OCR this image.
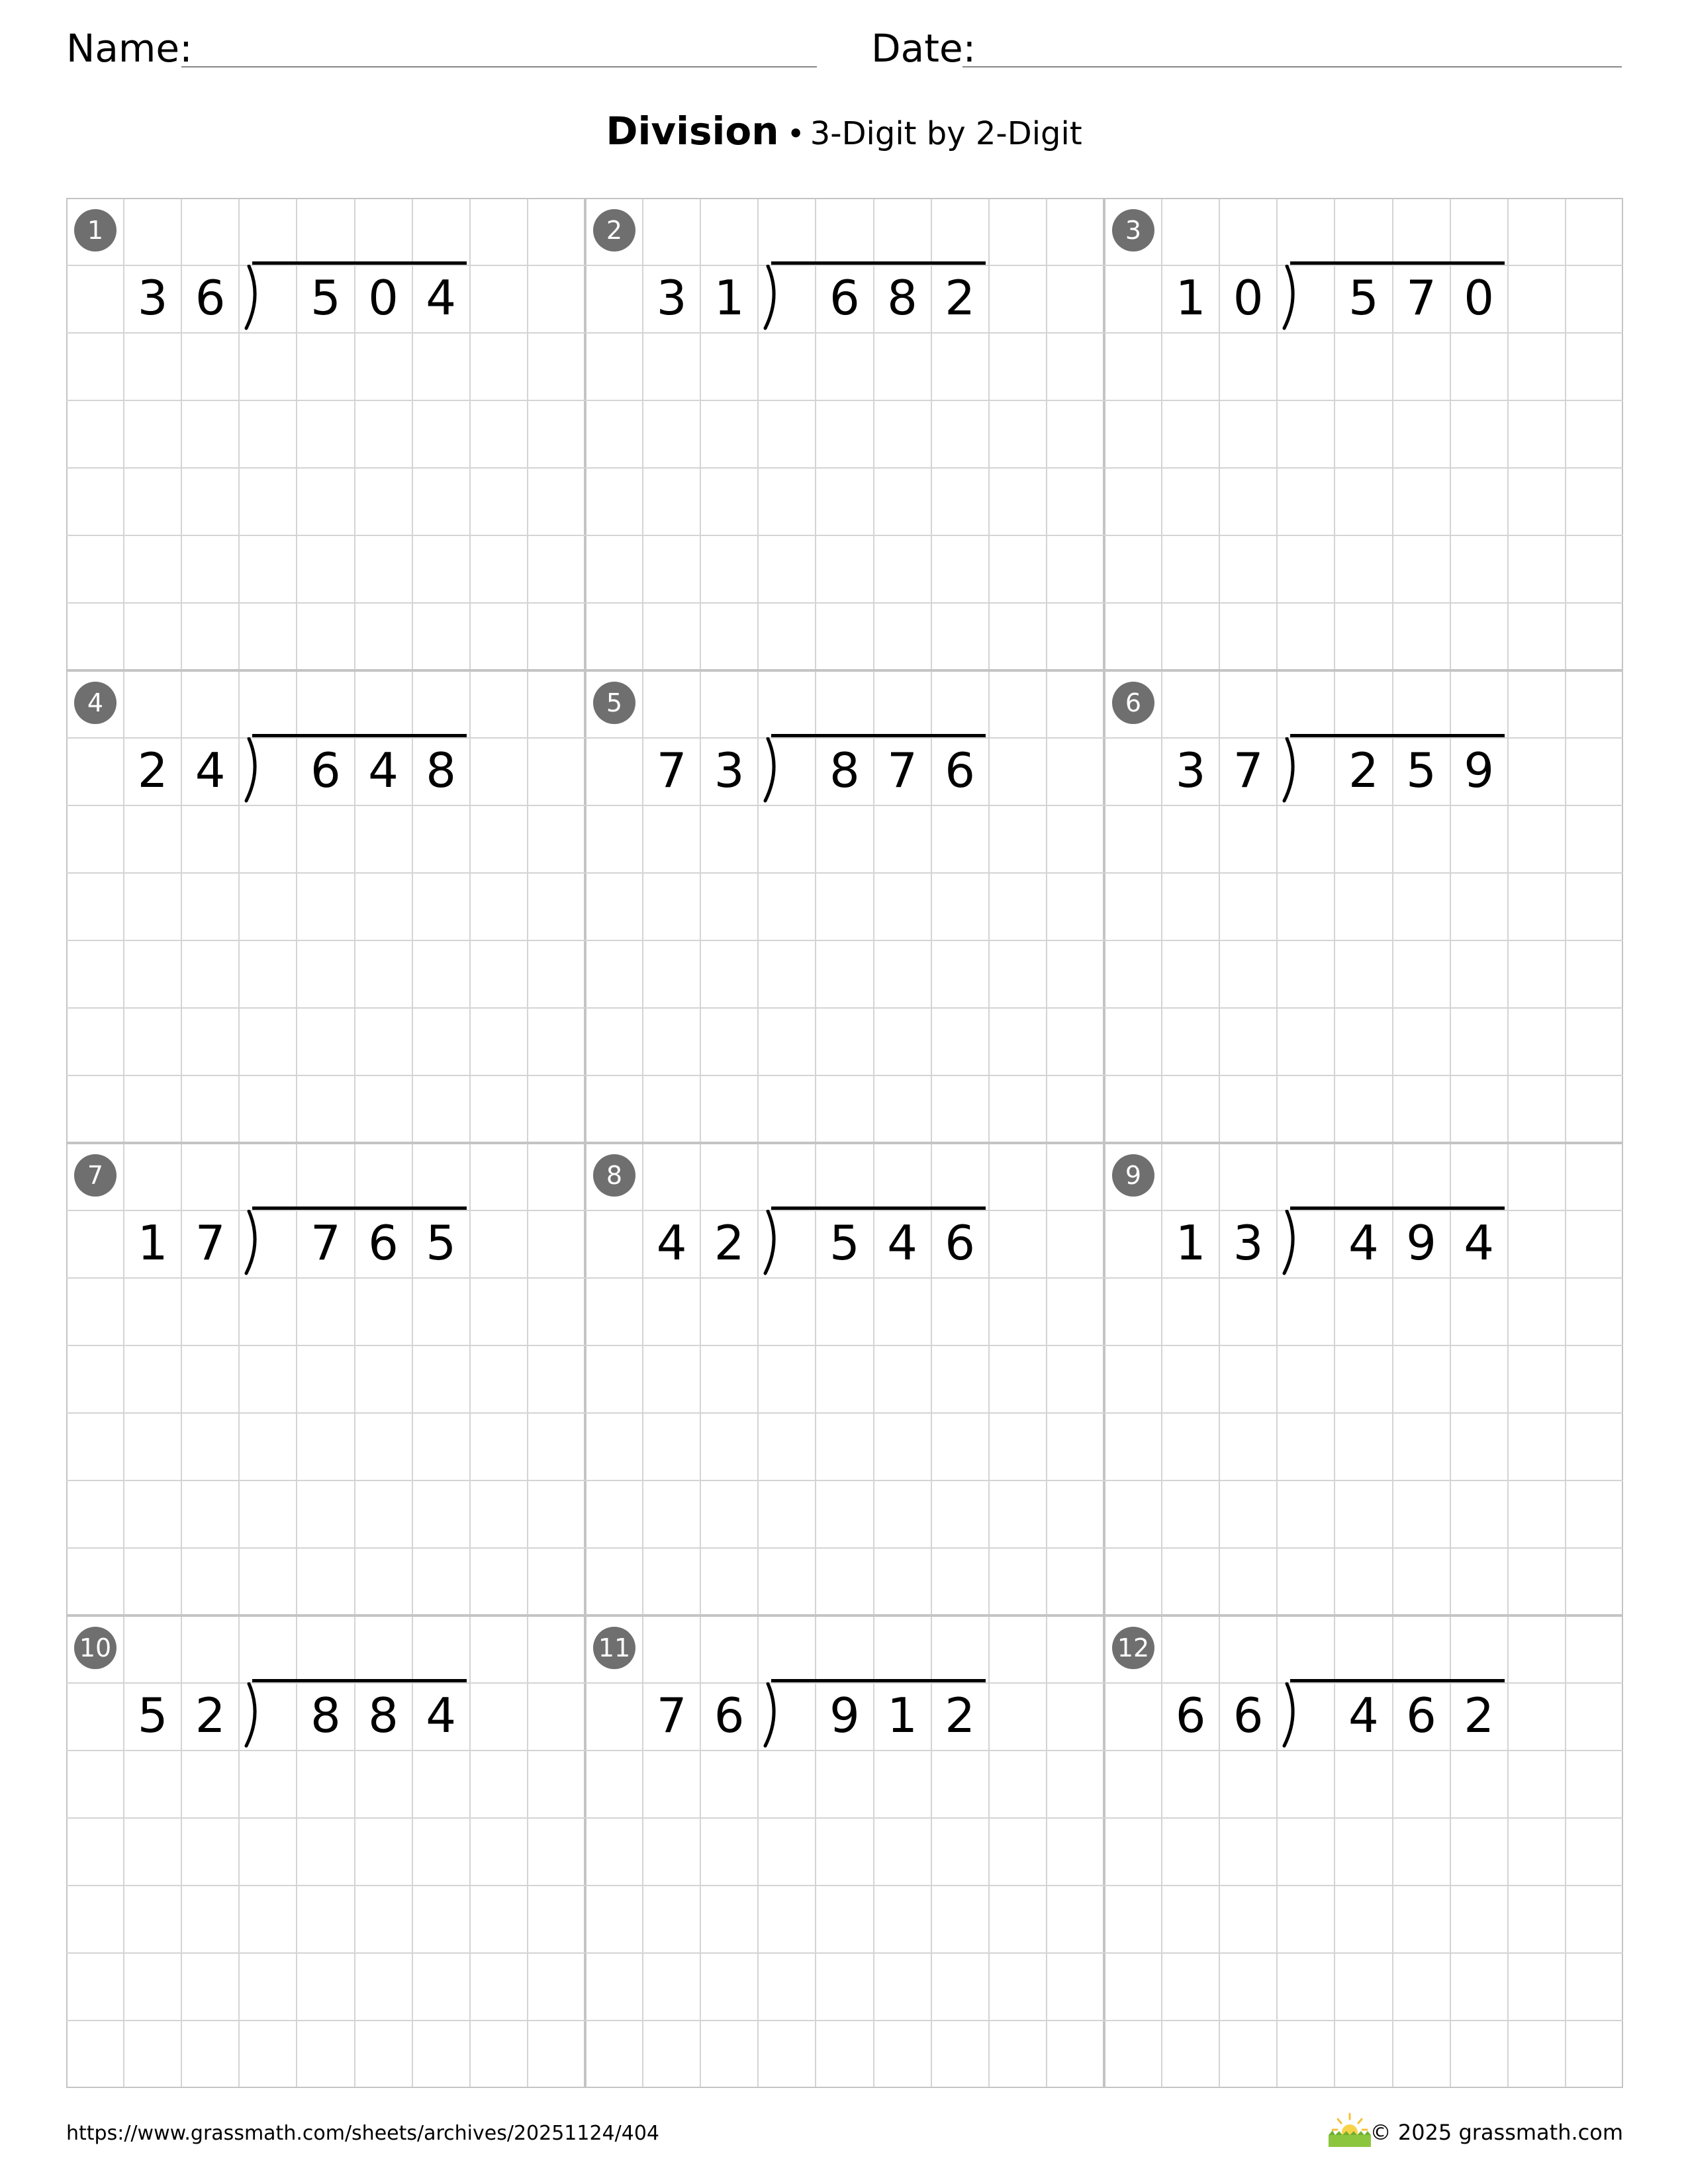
Name:	Date:
Division • 3-Digit by 2-Digit
1
3 6 5 0 4
2
3 1 6 8 2
3
1 0 5 7 0
4
2 4 6 4 8
5
7 3 8 7 6
6
3 7 2 5 9
7
1 7 7 6 5
8
4 2 5 4 6
9
1 3 4 9 4
10
5 2 8 8 4
11
7 6 9 1 2
12
6 6 4 6 2
https://www.grassmath.com/sheets/archives/20251124/404	© 2025 grassmath.com
